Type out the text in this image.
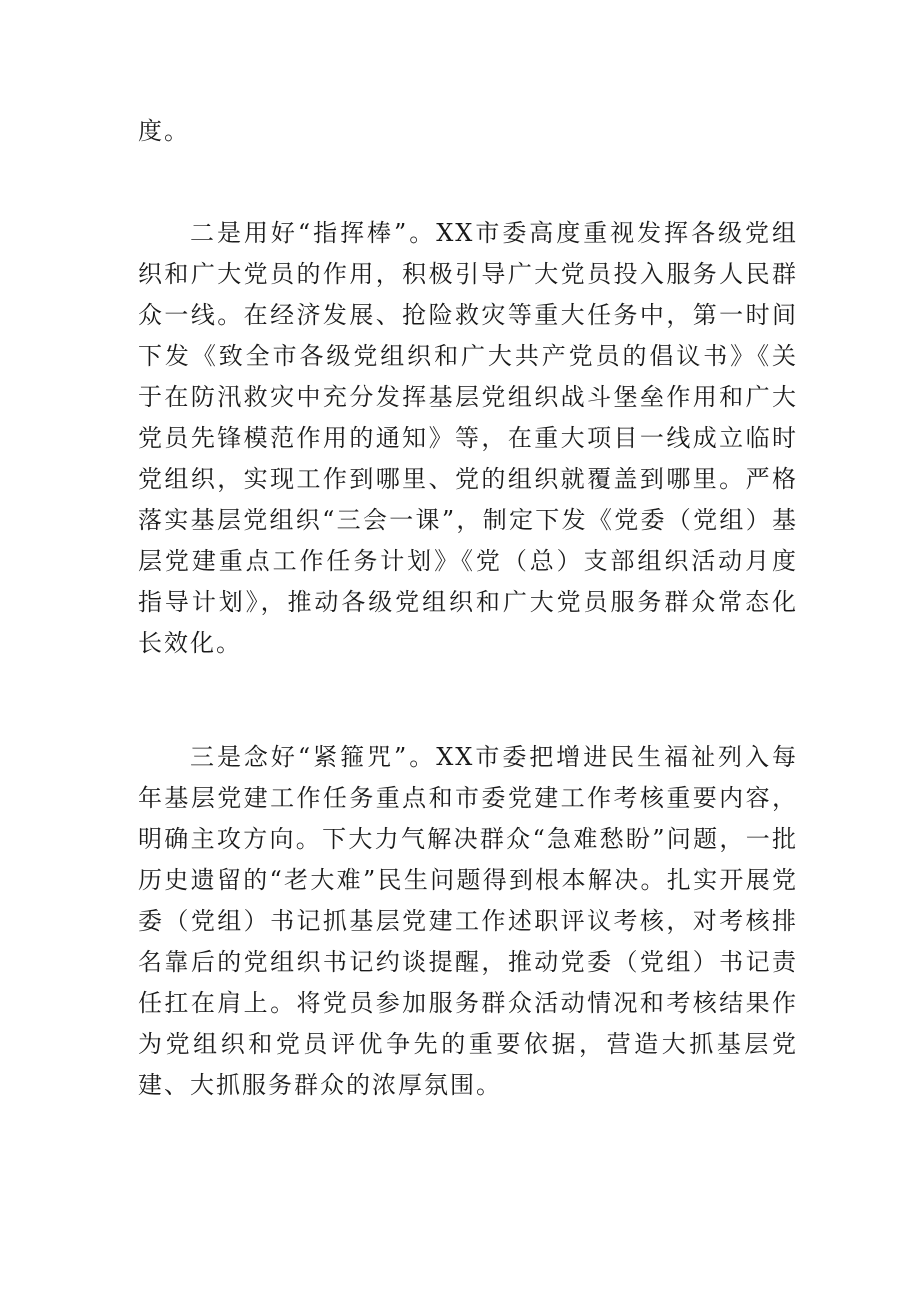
度。

二是用好“指挥棒”。XX市委高度重视发挥各级党组织和广大党员的作用，积极引导广大党员投入服务人民群众一线。在经济发展、抢险救灾等重大任务中，第一时间下发《致全市各级党组织和广大共产党员的倡议书》《关于在防汛救灾中充分发挥基层党组织战斗堡垒作用和广大党员先锋模范作用的通知》等，在重大项目一线成立临时党组织，实现工作到哪里、党的组织就覆盖到哪里。严格落实基层党组织“三会一课”，制定下发《党委（党组）基层党建重点工作任务计划》《党（总）支部组织活动月度指导计划》，推动各级党组织和广大党员服务群众常态化长效化。

三是念好“紧箍咒”。XX市委把增进民生福祉列入每年基层党建工作任务重点和市委党建工作考核重要内容，明确主攻方向。下大力气解决群众“急难愁盼”问题，一批历史遗留的“老大难”民生问题得到根本解决。扎实开展党委（党组）书记抓基层党建工作述职评议考核，对考核排名靠后的党组织书记约谈提醒，推动党委（党组）书记责任扛在肩上。将党员参加服务群众活动情况和考核结果作为党组织和党员评优争先的重要依据，营造大抓基层党建、大抓服务群众的浓厚氛围。
